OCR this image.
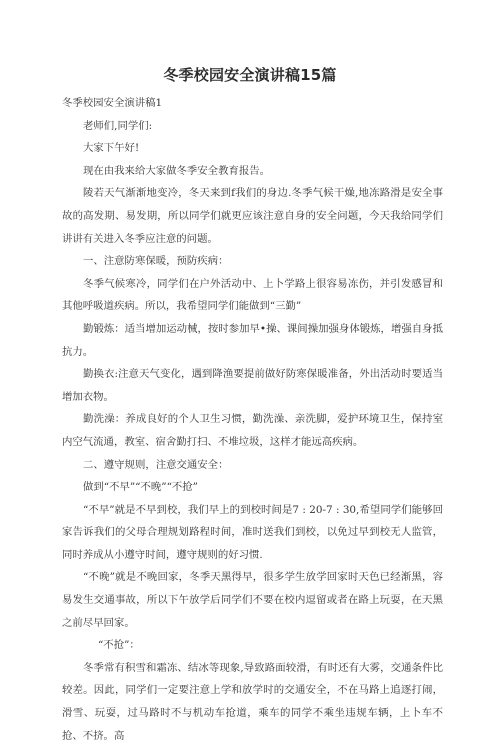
冬季校园安全演讲稿15篇

冬季校园安全演讲稿1

老师们,同学们:

大家下午好!

现在由我来给大家做冬季安全教育报告。

陵若天气渐渐地变冷，冬天来到f我们的身边.冬季气候干燥,地冻路滑是安全事故的高发期、易发期，所以同学们就更应该注意自身的安全问题，今天我给同学们讲讲有关进入冬季应注意的问题。

一、注意防寒保暖，预防疾病：

冬季气候寒冷，同学们在户外活动中、上卜学路上很容易冻伤，并引发感冒和其他呼吸道疾病。所以，我希望同学们能做到“三勤”

勤锻炼：适当增加运动械，按时参加早•操、课间操加强身体锻炼，增强自身抵抗力。

勤换衣:注意天气变化，遇到降渔要提前做好防寒保暖准备，外出活动时要适当增加衣物。

勤洗澡：养成良好的个人卫生习惯，勤洗澡、亲洗脚，爱护环境卫生，保持室内空气流通，教室、宿舍勤打扫、不堆垃圾，这样才能远高疾病。

二、遵守规则，注意交通安全：

做到“不早”“不晚”“不抢”

“不早”就是不早到校，我们早上的到校时间是7 : 20-7 : 30,希望同学们能够回家告诉我们的父母合理规划路程时间，准时送我们到校，以免过早到校无人监管，同时养成从小遵守时间，遵守规则的好习惯.

“不晚”就是不晚回家，冬季天黑得早，很多学生放学回家时天色已经渐黑，容易发生交通事故，所以下午放学后同学们不要在校内逗留或者在路上玩耍，在天黑之前尽早回家。

“不抢”：

冬季常有积雪和霜冻、结冰等现象,导致路面较滑，有时还有大雾，交通条件比较差。因此，同学们一定要注意上学和放学时的交通安全，不在马路上追逐打闹，滑雪、玩耍，过马路时不与机动车抢道，乘车的同学不乘坐违规车辆，上卜车不抢、不挤。高
